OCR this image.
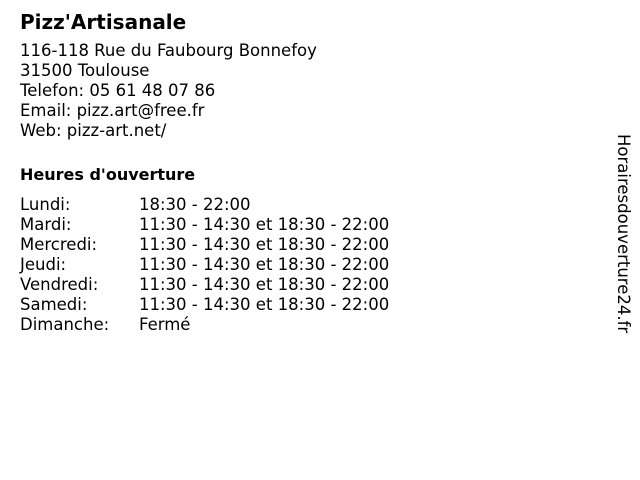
Pizz'Artisanale
116-118 Rue du Faubourg Bonnefoy
31500 Toulouse
Telefon: 05 61 48 07 86
Email: pizz.art@free.fr
Web: pizz-art.net/
Heures d'ouverture
Lundi:	18:30 - 22:00
Mardi:	11:30 - 14:30 et 18:30 - 22:00
Mercredi:	11:30 - 14:30 et 18:30 - 22:00
Jeudi:	11:30 - 14:30 et 18:30 - 22:00
Vendredi:	11:30 - 14:30 et 18:30 - 22:00
Samedi:	11:30 - 14:30 et 18:30 - 22:00
Dimanche:	Fermé	Horairesdouverture24.fr
